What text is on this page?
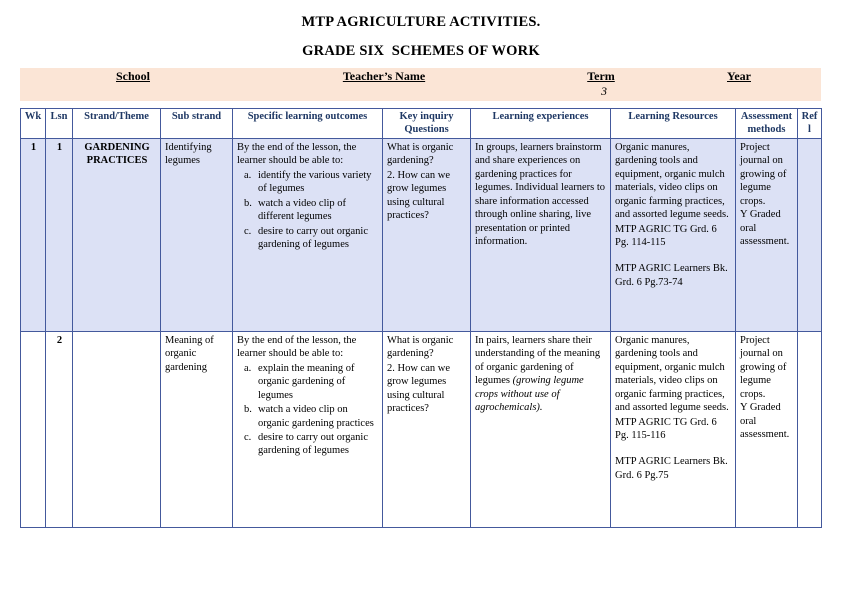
MTP AGRICULTURE ACTIVITIES.
GRADE SIX  SCHEMES OF WORK
School	Teacher’s Name	Term	Year
3
Wk	Lsn	Strand/Theme	Sub strand	Specific learning outcomes	Key inquiry Questions	Learning experiences	Learning Resources	Assessment methods	Ref l
1	1	GARDENING PRACTICES	Identifying legumes	
By the end of the lesson, the learner should be able to:
a. identify the various variety of legumes
b. watch a video clip of different legumes
c. desire to carry out organic gardening of legumes

What is organic gardening?
2. How can we grow legumes using cultural practices?
	In groups, learners brainstorm and share experiences on gardening practices for legumes. Individual learners to share information accessed through online sharing, live presentation or printed information.	
Organic manures, gardening tools and equipment, organic mulch materials, video clips on organic farming practices, and assorted legume seeds.
MTP AGRIC TG Grd. 6 Pg. 114-115
MTP AGRIC Learners Bk. Grd. 6 Pg.73-74

Project journal on growing of legume crops.
Υ Graded oral assessment.

	2		Meaning of organic gardening	
By the end of the lesson, the learner should be able to:
a. explain the meaning of organic gardening of legumes
b. watch a video clip on organic gardening practices
c. desire to carry out organic gardening of legumes

What is organic gardening?
2. How can we grow legumes using cultural practices?
	In pairs, learners share their understanding of the meaning of organic gardening of legumes (growing legume crops without use of agrochemicals).	
Organic manures, gardening tools and equipment, organic mulch materials, video clips on organic farming practices, and assorted legume seeds.
MTP AGRIC TG Grd. 6 Pg. 115-116
MTP AGRIC Learners Bk. Grd. 6 Pg.75

Project journal on growing of legume crops.
Υ Graded oral assessment.
